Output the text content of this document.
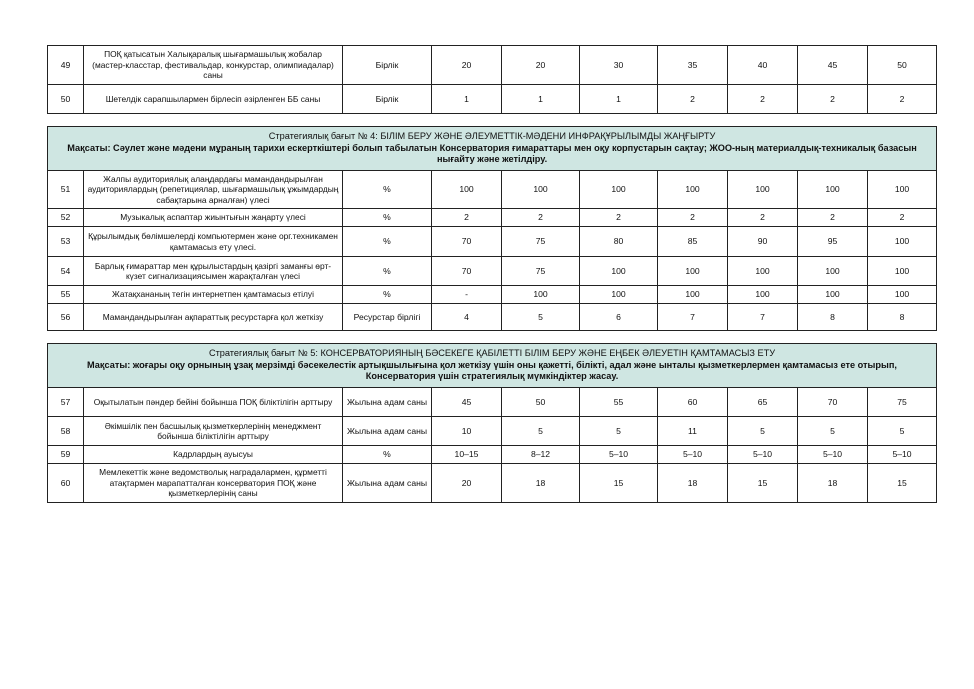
49	ПОҚ қатысатын Халықаралық шығармашылық жобалар (мастер-класстар, фестивальдар, конкурстар, олимпиадалар) саны	Бірлік	20	20	30	35	40	45	50
50	Шетелдік сарапшылармен бірлесіп әзірленген ББ саны	Бірлік	1	1	1	2	2	2	2
Стратегиялық бағыт № 4: БІЛІМ БЕРУ ЖӘНЕ ӘЛЕУМЕТТІК-МӘДЕНИ ИНФРАҚҰРЫЛЫМДЫ ЖАҢҒЫРТУ
Мақсаты: Сәулет және мәдени мұраның тарихи ескерткіштері болып табылатын Консерватория ғимараттары мен оқу корпустарын сақтау; ЖОО-ның материалдық-техникалық базасын нығайту және жетілдіру.									

51	Жалпы аудиториялық алаңдардағы мамандандырылған аудиториялардың (репетициялар, шығармашылық ұжымдардың сабақтарына арналған) үлесі	%	100	100	100	100	100	100	100
52	Музыкалық аспаптар жиынтығын жаңарту үлесі	%	2	2	2	2	2	2	2
53	Құрылымдық бөлімшелерді компьютермен және орг.техникамен қамтамасыз ету үлесі.	%	70	75	80	85	90	95	100
54	Барлық ғимараттар мен құрылыстардың қазіргі заманғы өрт-күзет сигнализациясымен жарақталған үлесі	%	70	75	100	100	100	100	100
55	Жатақхананың тегін интернетпен қамтамасыз етілуі	%	-	100	100	100	100	100	100
56	Мамандандырылған ақпараттық ресурстарға қол жеткізу	Ресурстар бірлігі	4	5	6	7	7	8	8
Стратегиялық бағыт № 5: КОНСЕРВАТОРИЯНЫҢ БӘСЕКЕГЕ ҚАБІЛЕТТІ БІЛІМ БЕРУ ЖӘНЕ ЕҢБЕК ӘЛЕУЕТІН ҚАМТАМАСЫЗ ЕТУ
Мақсаты: жоғары оқу орнының ұзақ мерзімді бәсекелестік артықшылығына қол жеткізу үшін оны қажетті, білікті, адал және ынталы қызметкерлермен қамтамасыз ете отырып, Консерватория үшін стратегиялық мүмкіндіктер жасау.									

57	Оқытылатын пәндер бейіні бойынша ПОҚ біліктілігін арттыру	Жылына адам саны	45	50	55	60	65	70	75
58	Әкімшілік пен басшылық қызметкерлерінің менеджмент бойынша біліктілігін арттыру	Жылына адам саны	10	5	5	11	5	5	5
59	Кадрлардың ауысуы	%	10–15	8–12	5–10	5–10	5–10	5–10	5–10
60	Мемлекеттік және ведомстволық наградалармен, құрметті атақтармен марапатталған консерватория ПОҚ және қызметкерлерінің саны	Жылына адам саны	20	18	15	18	15	18	15
